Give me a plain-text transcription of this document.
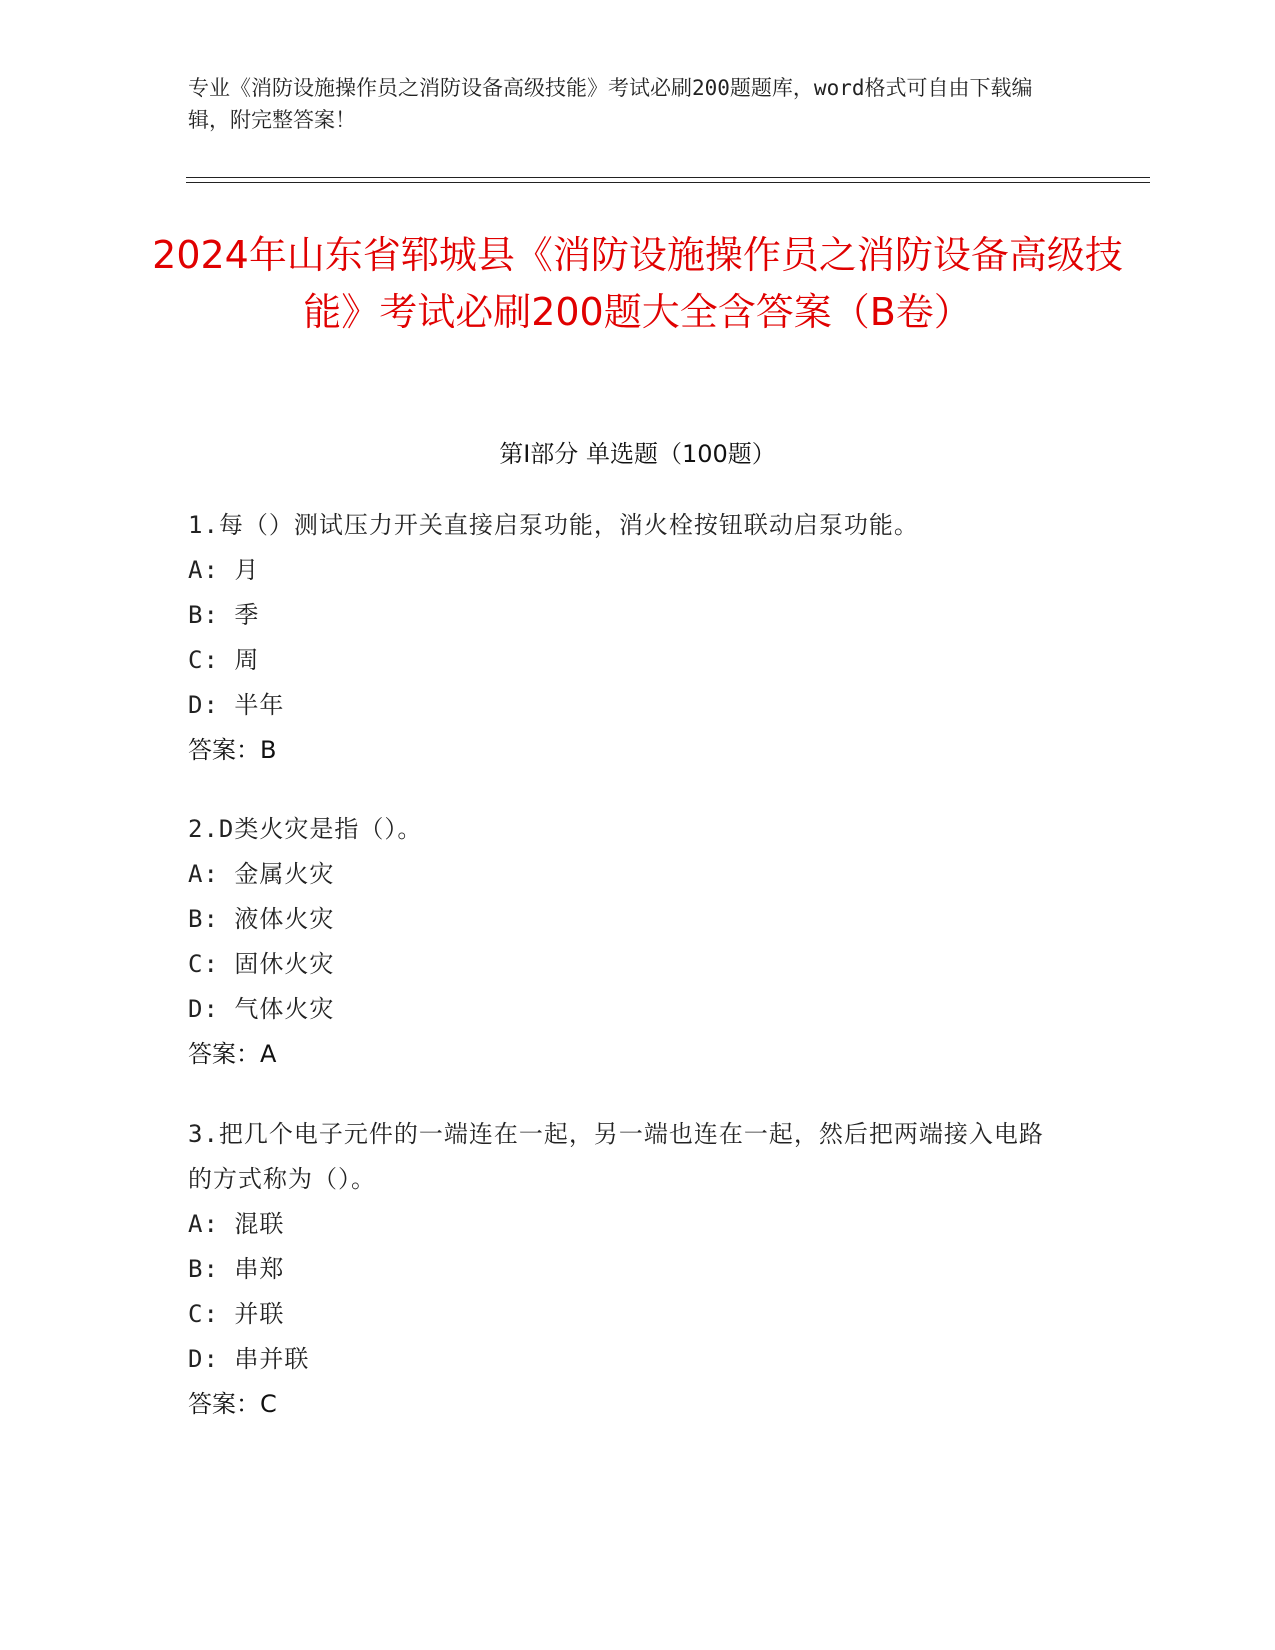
专业《消防设施操作员之消防设备高级技能》考试必刷200题题库，word格式可自由下载编辑，附完整答案！
2024年山东省郓城县《消防设施操作员之消防设备高级技能》考试必刷200题大全含答案（B卷）
第I部分 单选题（100题）
1.每（）测试压力开关直接启泵功能，消火栓按钮联动启泵功能。
A: 月
B: 季
C: 周
D: 半年
答案：B
2.D类火灾是指（）。
A: 金属火灾
B: 液体火灾
C: 固休火灾
D: 气体火灾
答案：A
3.把几个电子元件的一端连在一起，另一端也连在一起，然后把两端接入电路的方式称为（）。
A: 混联
B: 串郑
C: 并联
D: 串并联
答案：C
